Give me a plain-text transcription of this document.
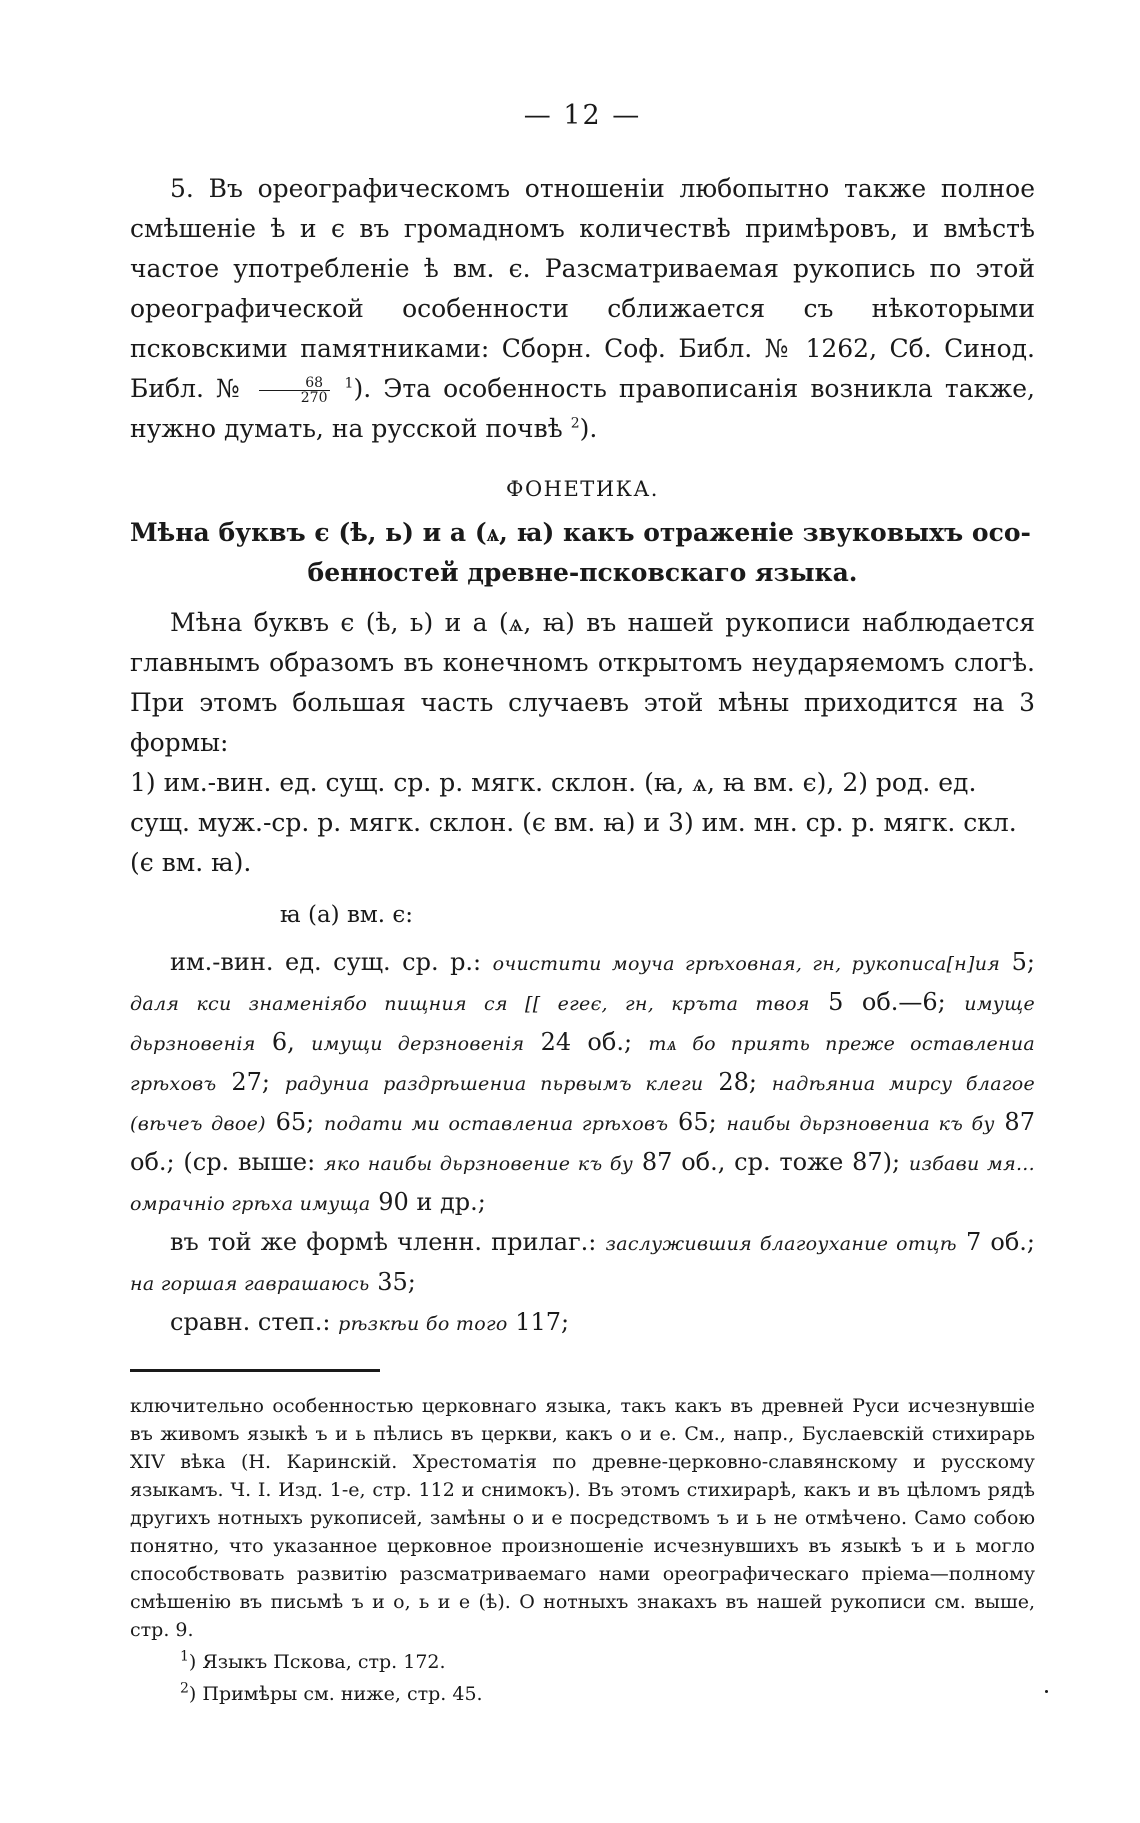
— 12 —

5. Въ ореографическомъ отношеніи любопытно также полное смѣшеніе ѣ и є въ громадномъ количествѣ примѣровъ, и вмѣстѣ частое употребленіе ѣ вм. є. Разсматриваемая рукопись по этой ореографической особенности сближается съ нѣкоторыми псковскими памятниками: Сборн. Соф. Библ. № 1262, Сб. Синод. Библ. № $\frac{68}{270} ^1$). Эта особенность правописанія возникла также, нужно думать, на русской почвѣ $^2$).

ФОНЕТИКА.
Мѣна буквъ є (ѣ, ь) и а (ѧ, ꙗ) какъ отраженіе звуковыхъ осо-
бенностей древне-псковскаго языка.

Мѣна буквъ є (ѣ, ь) и а (ѧ, ꙗ) въ нашей рукописи наблюдается главнымъ образомъ въ конечномъ открытомъ неударяемомъ слогѣ. При этомъ большая часть случаевъ этой мѣны приходится на 3 формы:

1) им.-вин. ед. сущ. ср. р. мягк. склон. (ꙗ, ѧ, ꙗ вм. є), 2) род. ед.

сущ. муж.-ср. р. мягк. склон. (є вм. ꙗ) и 3) им. мн. ср. р. мягк. скл.

(є вм. ꙗ).

ꙗ (а) вм. є:

им.-вин. ед. сущ. ср. р.: очистити моуча грѣховная, гн, рукописа[н]ия 5; даля кси знаменіябо пищния ся [[ егеє, гн, кръта твоя 5 об.—6; имуще дьрзновенія 6, имущи дерзновенія 24 об.; тѧ бо приять преже оставлениа грѣховъ 27; радуниа раздрѣшениа пьрвымъ клеги 28; надѣяниа мирсу благое (вѣчеъ двое) 65; подати ми оставлениа грѣховъ 65; наибы дьрзновениа къ бу 87 об.; (ср. выше: яко наибы дьрзновение къ бу 87 об., ср. тоже 87); избави мя... омрачніо грѣха имуща 90 и др.;

въ той же формѣ членн. прилаг.: заслужившия благоухание отцѣ 7 об.; на горшая гаврашаюсь 35;

сравн. степ.: рѣзкѣи бо того 117;

ключительно особенностью церковнаго языка, такъ какъ въ древней Руси исчезнувшіе въ живомъ языкѣ ъ и ь пѣлись въ церкви, какъ о и е. См., напр., Буслаевскій стихирарь XIV вѣка (Н. Каринскій. Хрестоматія по древне-церковно-славянскому и русскому языкамъ. Ч. I. Изд. 1-е, стр. 112 и снимокъ). Въ этомъ стихирарѣ, какъ и въ цѣломъ рядѣ другихъ нотныхъ рукописей, замѣны о и е посредствомъ ъ и ь не отмѣчено. Само собою понятно, что указанное церковное произношеніе исчезнувшихъ въ языкѣ ъ и ь могло способствовать развитію разсматриваемаго нами ореографическаго пріема—полному смѣшенію въ письмѣ ъ и о, ь и е (ѣ). О нотныхъ знакахъ въ нашей рукописи см. выше, стр. 9.

$^1$) Языкъ Пскова, стр. 172.

$^2$) Примѣры см. ниже, стр. 45.
